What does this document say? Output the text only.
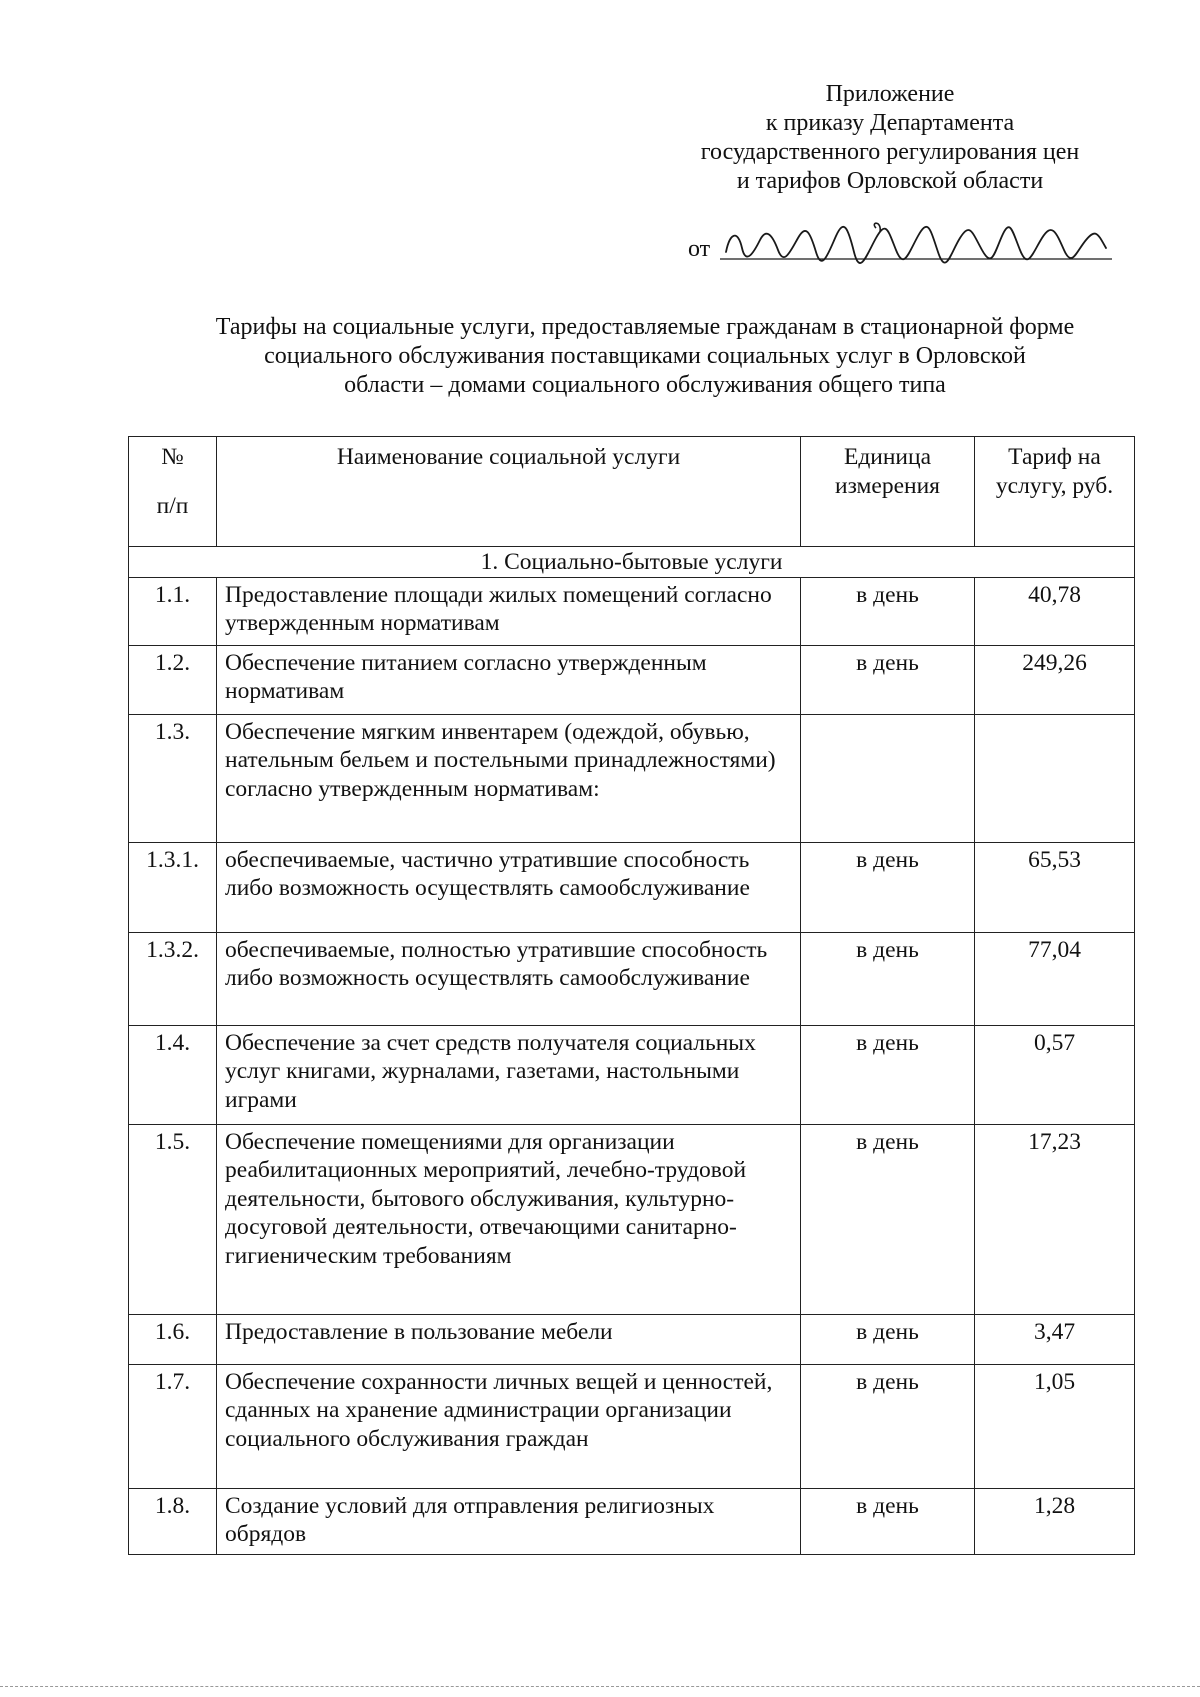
Приложение
к приказу Департамента
государственного регулирования цен
и тарифов Орловской области
от
Тарифы на социальные услуги, предоставляемые гражданам в стационарной форме
социального обслуживания поставщиками социальных услуг в Орловской
области – домами социального обслуживания общего типа
№
п/п	Наименование социальной услуги	Единица измерения	Тариф на услугу, руб.
1. Социально-бытовые услуги			
1.1.	Предоставление площади жилых помещений согласно утвержденным нормативам	в день	40,78
1.2.	Обеспечение питанием согласно утвержденным нормативам	в день	249,26
1.3.	Обеспечение мягким инвентарем (одеждой, обувью, нательным бельем и постельными принадлежностями) согласно утвержденным нормативам:		
1.3.1.	обеспечиваемые, частично утратившие способность либо возможность осуществлять самообслуживание	в день	65,53
1.3.2.	обеспечиваемые, полностью утратившие способность либо возможность осуществлять самообслуживание	в день	77,04
1.4.	Обеспечение за счет средств получателя социальных услуг книгами, журналами, газетами, настольными играми	в день	0,57
1.5.	Обеспечение помещениями для организации реабилитационных мероприятий, лечебно-трудовой деятельности, бытового обслуживания, культурно-досуговой деятельности, отвечающими санитарно-гигиеническим требованиям	в день	17,23
1.6.	Предоставление в пользование мебели	в день	3,47
1.7.	Обеспечение сохранности личных вещей и ценностей, сданных на хранение администрации организации социального обслуживания граждан	в день	1,05
1.8.	Создание условий для отправления религиозных обрядов	в день	1,28
